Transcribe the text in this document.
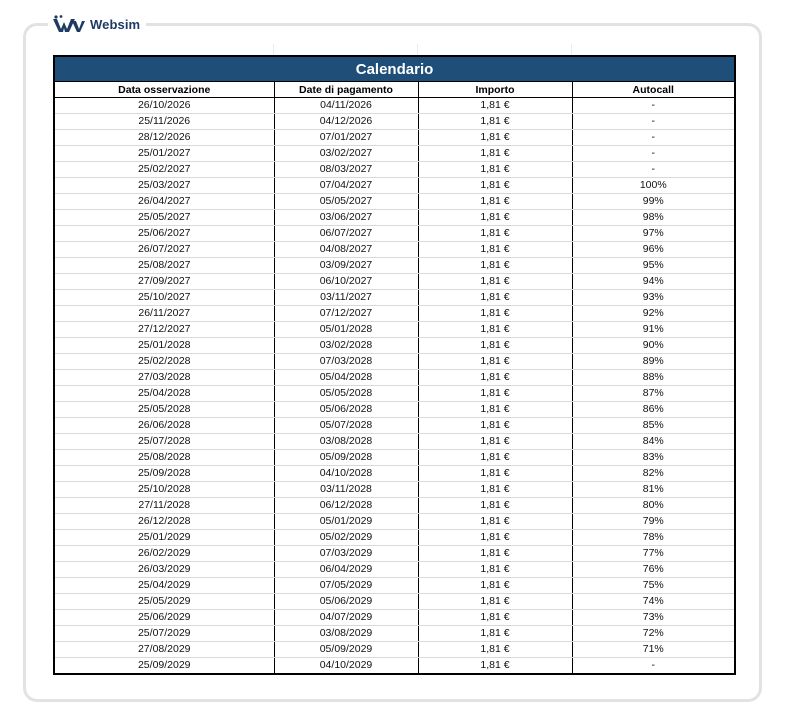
Websim
Calendario			
Data osservazione	Date di pagamento	Importo	Autocall
26/10/2026	04/11/2026	1,81 €	-
25/11/2026	04/12/2026	1,81 €	-
28/12/2026	07/01/2027	1,81 €	-
25/01/2027	03/02/2027	1,81 €	-
25/02/2027	08/03/2027	1,81 €	-
25/03/2027	07/04/2027	1,81 €	100%
26/04/2027	05/05/2027	1,81 €	99%
25/05/2027	03/06/2027	1,81 €	98%
25/06/2027	06/07/2027	1,81 €	97%
26/07/2027	04/08/2027	1,81 €	96%
25/08/2027	03/09/2027	1,81 €	95%
27/09/2027	06/10/2027	1,81 €	94%
25/10/2027	03/11/2027	1,81 €	93%
26/11/2027	07/12/2027	1,81 €	92%
27/12/2027	05/01/2028	1,81 €	91%
25/01/2028	03/02/2028	1,81 €	90%
25/02/2028	07/03/2028	1,81 €	89%
27/03/2028	05/04/2028	1,81 €	88%
25/04/2028	05/05/2028	1,81 €	87%
25/05/2028	05/06/2028	1,81 €	86%
26/06/2028	05/07/2028	1,81 €	85%
25/07/2028	03/08/2028	1,81 €	84%
25/08/2028	05/09/2028	1,81 €	83%
25/09/2028	04/10/2028	1,81 €	82%
25/10/2028	03/11/2028	1,81 €	81%
27/11/2028	06/12/2028	1,81 €	80%
26/12/2028	05/01/2029	1,81 €	79%
25/01/2029	05/02/2029	1,81 €	78%
26/02/2029	07/03/2029	1,81 €	77%
26/03/2029	06/04/2029	1,81 €	76%
25/04/2029	07/05/2029	1,81 €	75%
25/05/2029	05/06/2029	1,81 €	74%
25/06/2029	04/07/2029	1,81 €	73%
25/07/2029	03/08/2029	1,81 €	72%
27/08/2029	05/09/2029	1,81 €	71%
25/09/2029	04/10/2029	1,81 €	-
